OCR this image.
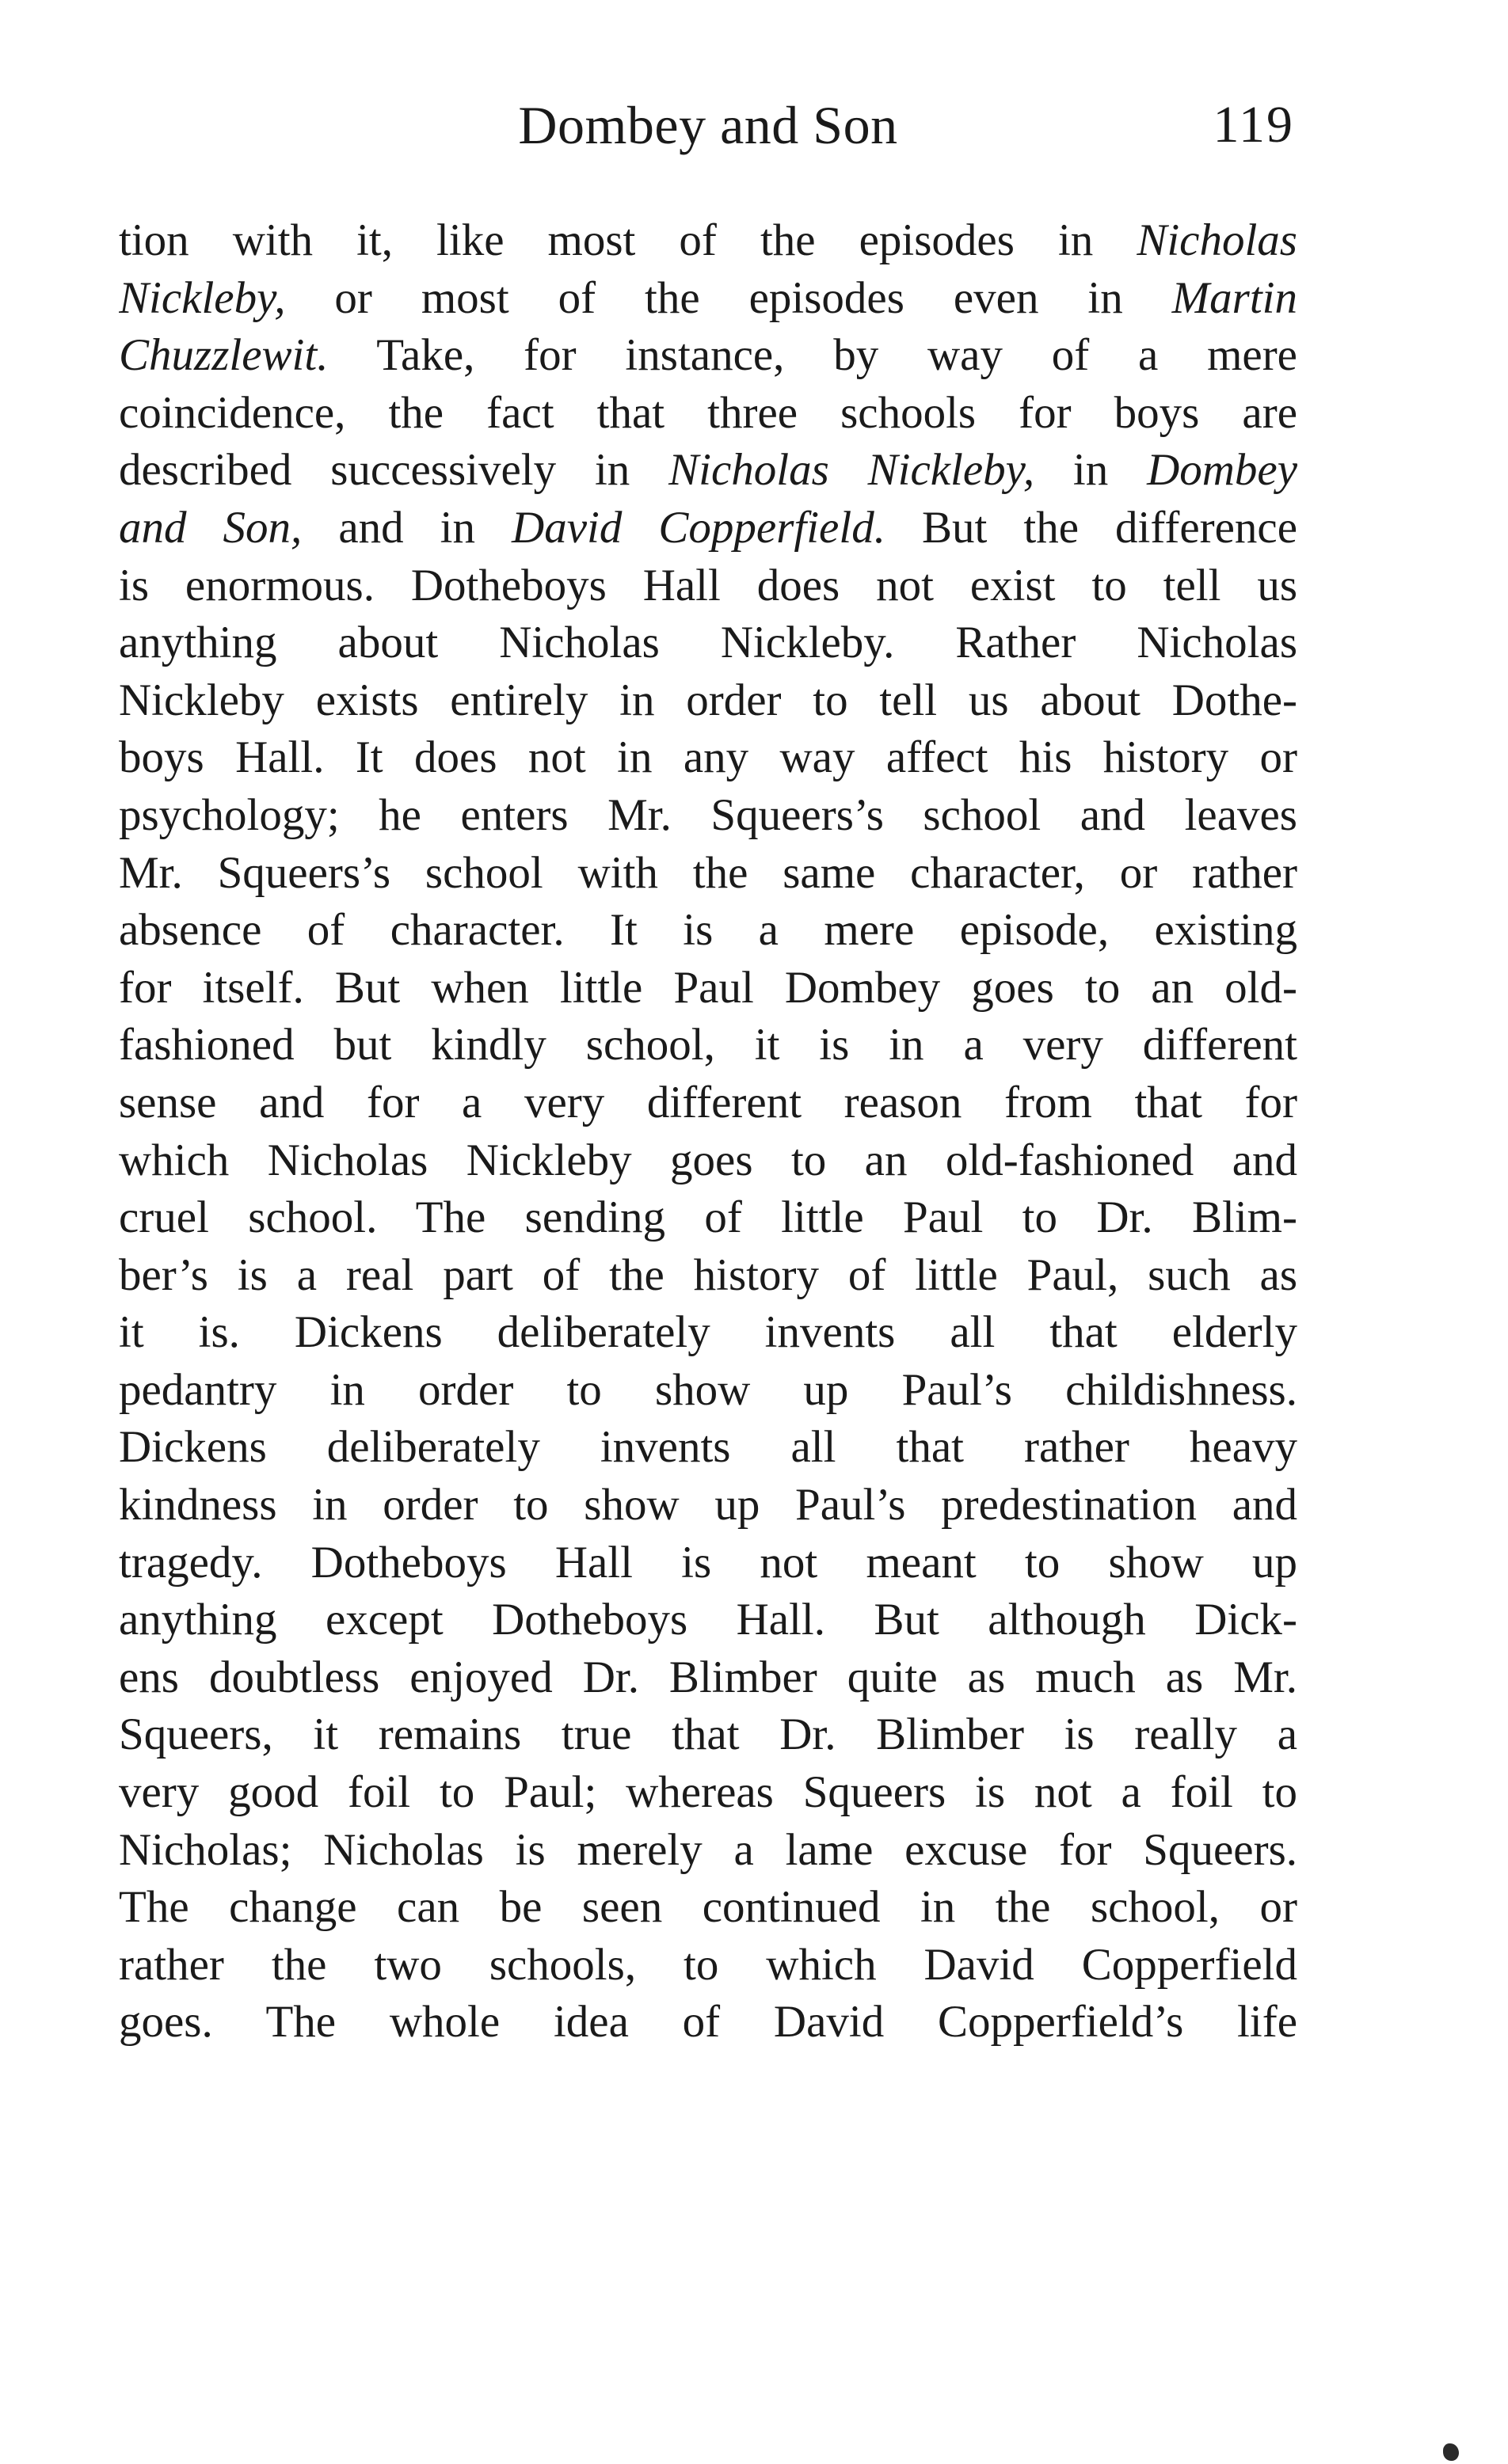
Dombey and Son	119
tion with it, like most of the episodes in Nicholas
Nickleby, or most of the episodes even in Martin
Chuzzlewit. Take, for instance, by way of a mere
coincidence, the fact that three schools for boys are
described successively in Nicholas Nickleby, in Dombey
and Son, and in David Copperfield. But the difference
is enormous. Dotheboys Hall does not exist to tell us
anything about Nicholas Nickleby. Rather Nicholas
Nickleby exists entirely in order to tell us about Dothe-
boys Hall. It does not in any way affect his history or
psychology; he enters Mr. Squeers’s school and leaves
Mr. Squeers’s school with the same character, or rather
absence of character. It is a mere episode, existing
for itself. But when little Paul Dombey goes to an old-
fashioned but kindly school, it is in a very different
sense and for a very different reason from that for
which Nicholas Nickleby goes to an old-fashioned and
cruel school. The sending of little Paul to Dr. Blim-
ber’s is a real part of the history of little Paul, such as
it is. Dickens deliberately invents all that elderly
pedantry in order to show up Paul’s childishness.
Dickens deliberately invents all that rather heavy
kindness in order to show up Paul’s predestination and
tragedy. Dotheboys Hall is not meant to show up
anything except Dotheboys Hall. But although Dick-
ens doubtless enjoyed Dr. Blimber quite as much as Mr.
Squeers, it remains true that Dr. Blimber is really a
very good foil to Paul; whereas Squeers is not a foil to
Nicholas; Nicholas is merely a lame excuse for Squeers.
The change can be seen continued in the school, or
rather the two schools, to which David Copperfield
goes. The whole idea of David Copperfield’s life
